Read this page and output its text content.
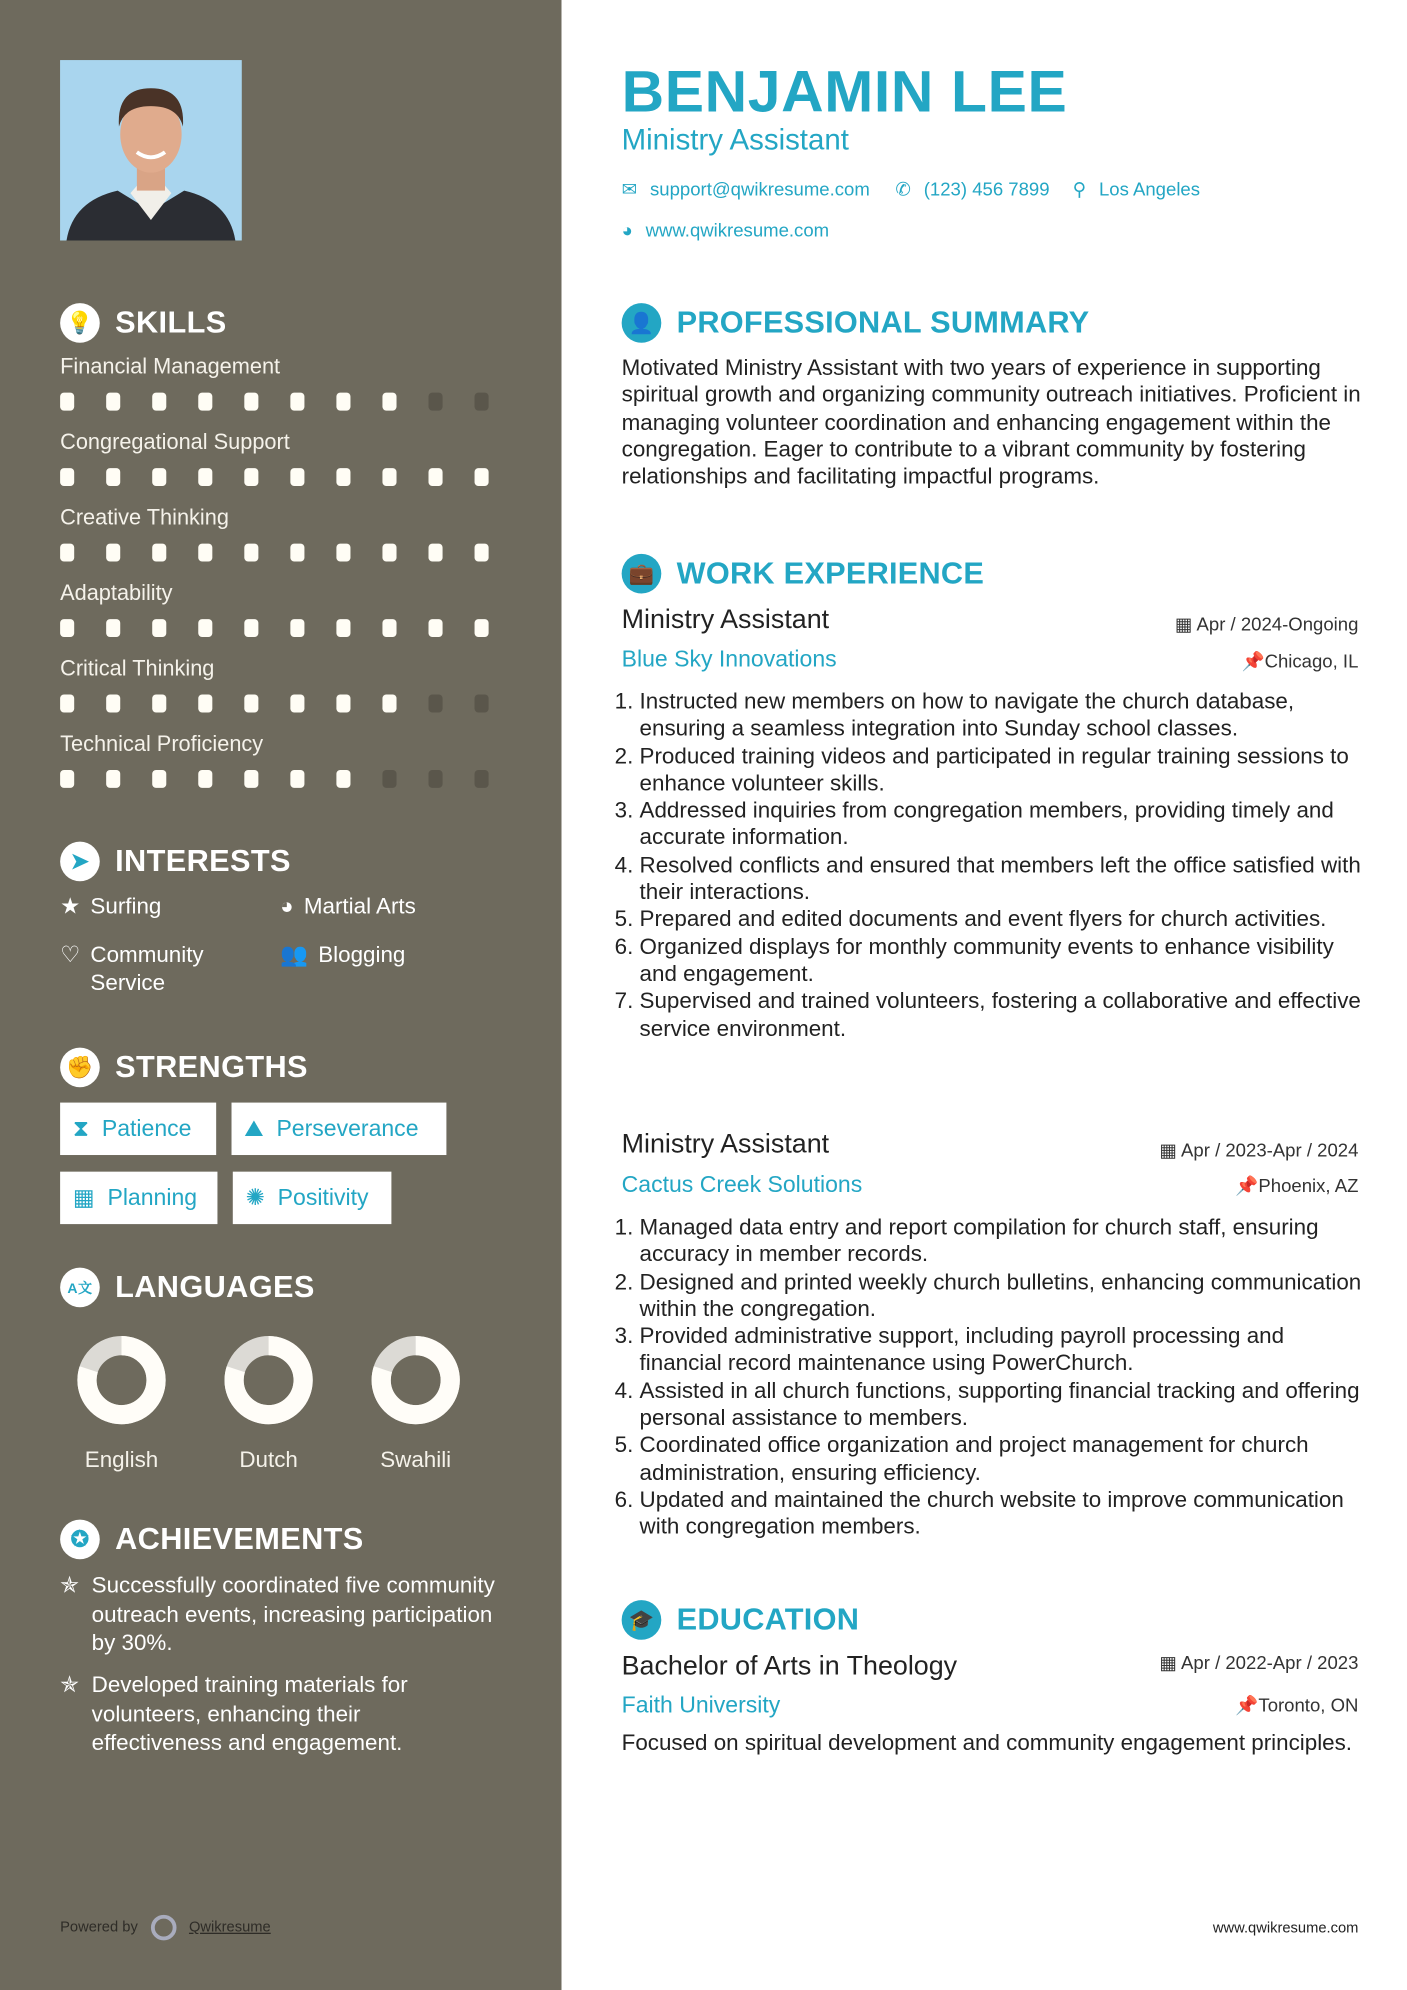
💡 SKILLS
Financial Management
Congregational Support
Creative Thinking
Adaptability
Critical Thinking
Technical Proficiency
➤	INTERESTS
★ Surfing	◕ Martial Arts
♡ Community Service
👥 Blogging
✊ STRENGTHS
⧗ Patience	⛰ Perseverance
▦ Planning	✺ Positivity
A文 LANGUAGES
English	Dutch	Swahili
✪	ACHIEVEMENTS
✯ Successfully coordinated five community outreach events, increasing participation by 30%.
✯ Developed training materials for volunteers, enhancing their effectiveness and engagement.
Powered by	Qwikresume
BENJAMIN LEE
Ministry Assistant
✉ support@qwikresume.com ✆ (123) 456 7899 ⚲ Los Angeles
◕ www.qwikresume.com
👤 PROFESSIONAL SUMMARY
Motivated Ministry Assistant with two years of experience in supporting spiritual growth and organizing community outreach initiatives. Proficient in managing volunteer coordination and enhancing engagement within the congregation. Eager to contribute to a vibrant community by fostering relationships and facilitating impactful programs.
💼 WORK EXPERIENCE
Ministry Assistant	▦ Apr / 2024-Ongoing
Blue Sky Innovations	📌Chicago, IL
1. Instructed new members on how to navigate the church database, ensuring a seamless integration into Sunday school classes.
2. Produced training videos and participated in regular training sessions to enhance volunteer skills.
3. Addressed inquiries from congregation members, providing timely and accurate information.
4. Resolved conflicts and ensured that members left the office satisfied with their interactions.
5. Prepared and edited documents and event flyers for church activities.
6. Organized displays for monthly community events to enhance visibility and engagement.
7. Supervised and trained volunteers, fostering a collaborative and effective service environment.
Ministry Assistant	▦ Apr / 2023-Apr / 2024
Cactus Creek Solutions	📌Phoenix, AZ
1. Managed data entry and report compilation for church staff, ensuring accuracy in member records.
2. Designed and printed weekly church bulletins, enhancing communication within the congregation.
3. Provided administrative support, including payroll processing and financial record maintenance using PowerChurch.
4. Assisted in all church functions, supporting financial tracking and offering personal assistance to members.
5. Coordinated office organization and project management for church administration, ensuring efficiency.
6. Updated and maintained the church website to improve communication with congregation members.
🎓 EDUCATION
Bachelor of Arts in Theology	▦ Apr / 2022-Apr / 2023
Faith University	📌Toronto, ON
Focused on spiritual development and community engagement principles.
www.qwikresume.com
